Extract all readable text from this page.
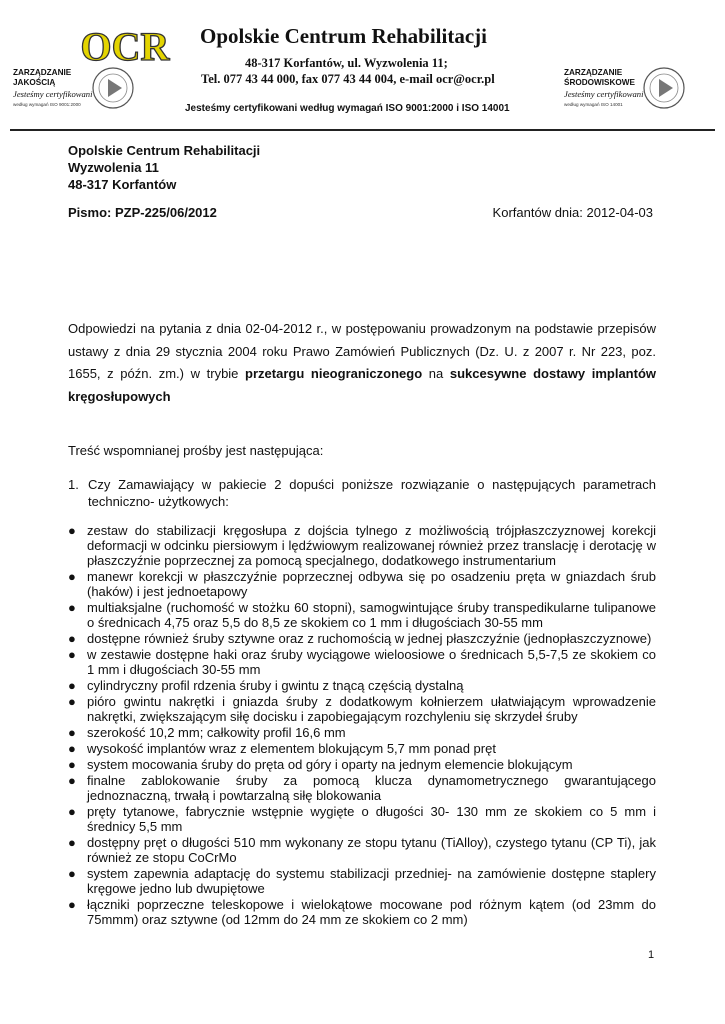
OCR Opolskie Centrum Rehabilitacji
48-317 Korfantów, ul. Wyzwolenia 11;
Tel. 077 43 44 000, fax 077 43 44 004, e-mail ocr@ocr.pl
Jesteśmy certyfikowani według wymagań ISO 9001:2000 i ISO 14001
ZARZĄDZANIE
JAKOŚCIĄ
Jesteśmy certyfikowani
według wymagań ISO 9001:2000
ZARZĄDZANIE
ŚRODOWISKOWE
Jesteśmy certyfikowani
według wymagań ISO 14001
Opolskie Centrum Rehabilitacji
Wyzwolenia 11
48-317 Korfantów
Pismo: PZP-225/06/2012	Korfantów dnia: 2012-04-03
Odpowiedzi na pytania z dnia 02-04-2012 r., w postępowaniu prowadzonym na podstawie przepisów ustawy z dnia 29 stycznia 2004 roku Prawo Zamówień Publicznych (Dz. U. z 2007 r. Nr 223, poz. 1655, z późn. zm.) w trybie przetargu nieograniczonego na sukcesywne dostawy implantów kręgosłupowych
Treść wspomnianej prośby jest następująca:
1. Czy Zamawiający w pakiecie 2 dopuści poniższe rozwiązanie o następujących parametrach techniczno- użytkowych:
● zestaw do stabilizacji kręgosłupa z dojścia tylnego z możliwością trójpłaszczyznowej korekcji deformacji w odcinku piersiowym i lędźwiowym realizowanej również przez translację i derotację w płaszczyźnie poprzecznej za pomocą specjalnego, dodatkowego instrumentarium
● manewr korekcji w płaszczyźnie poprzecznej odbywa się po osadzeniu pręta w gniazdach śrub (haków) i jest jednoetapowy
● multiaksjalne (ruchomość w stożku 60 stopni), samogwintujące śruby transpedikularne tulipanowe o średnicach 4,75 oraz 5,5 do 8,5 ze skokiem co 1 mm i długościach 30-55 mm
● dostępne również śruby sztywne oraz z ruchomością w jednej płaszczyźnie (jednopłaszczyznowe)
● w zestawie dostępne haki oraz śruby wyciągowe wieloosiowe o średnicach 5,5-7,5 ze skokiem co 1 mm i długościach 30-55 mm
● cylindryczny profil rdzenia śruby i gwintu z tnącą częścią dystalną
● pióro gwintu nakrętki i gniazda śruby z dodatkowym kołnierzem ułatwiającym wprowadzenie nakrętki, zwiększającym siłę docisku i zapobiegającym rozchyleniu się skrzydeł śruby
● szerokość 10,2 mm; całkowity profil 16,6 mm
● wysokość implantów wraz z elementem blokującym 5,7 mm ponad pręt
● system mocowania śruby do pręta od góry i oparty na jednym elemencie blokującym
● finalne zablokowanie śruby za pomocą klucza dynamometrycznego gwarantującego jednoznaczną, trwałą i powtarzalną siłę blokowania
● pręty tytanowe, fabrycznie wstępnie wygięte o długości 30- 130 mm ze skokiem co 5 mm i średnicy 5,5 mm
● dostępny pręt o długości 510 mm wykonany ze stopu tytanu (TiAlloy), czystego tytanu (CP Ti), jak również ze stopu CoCrMo
● system zapewnia adaptację do systemu stabilizacji przedniej- na zamówienie dostępne staplery kręgowe jedno lub dwupiętowe
● łączniki poprzeczne teleskopowe i wielokątowe mocowane pod różnym kątem (od 23mm do 75mmm) oraz sztywne (od 12mm do 24 mm ze skokiem co 2 mm)
1
